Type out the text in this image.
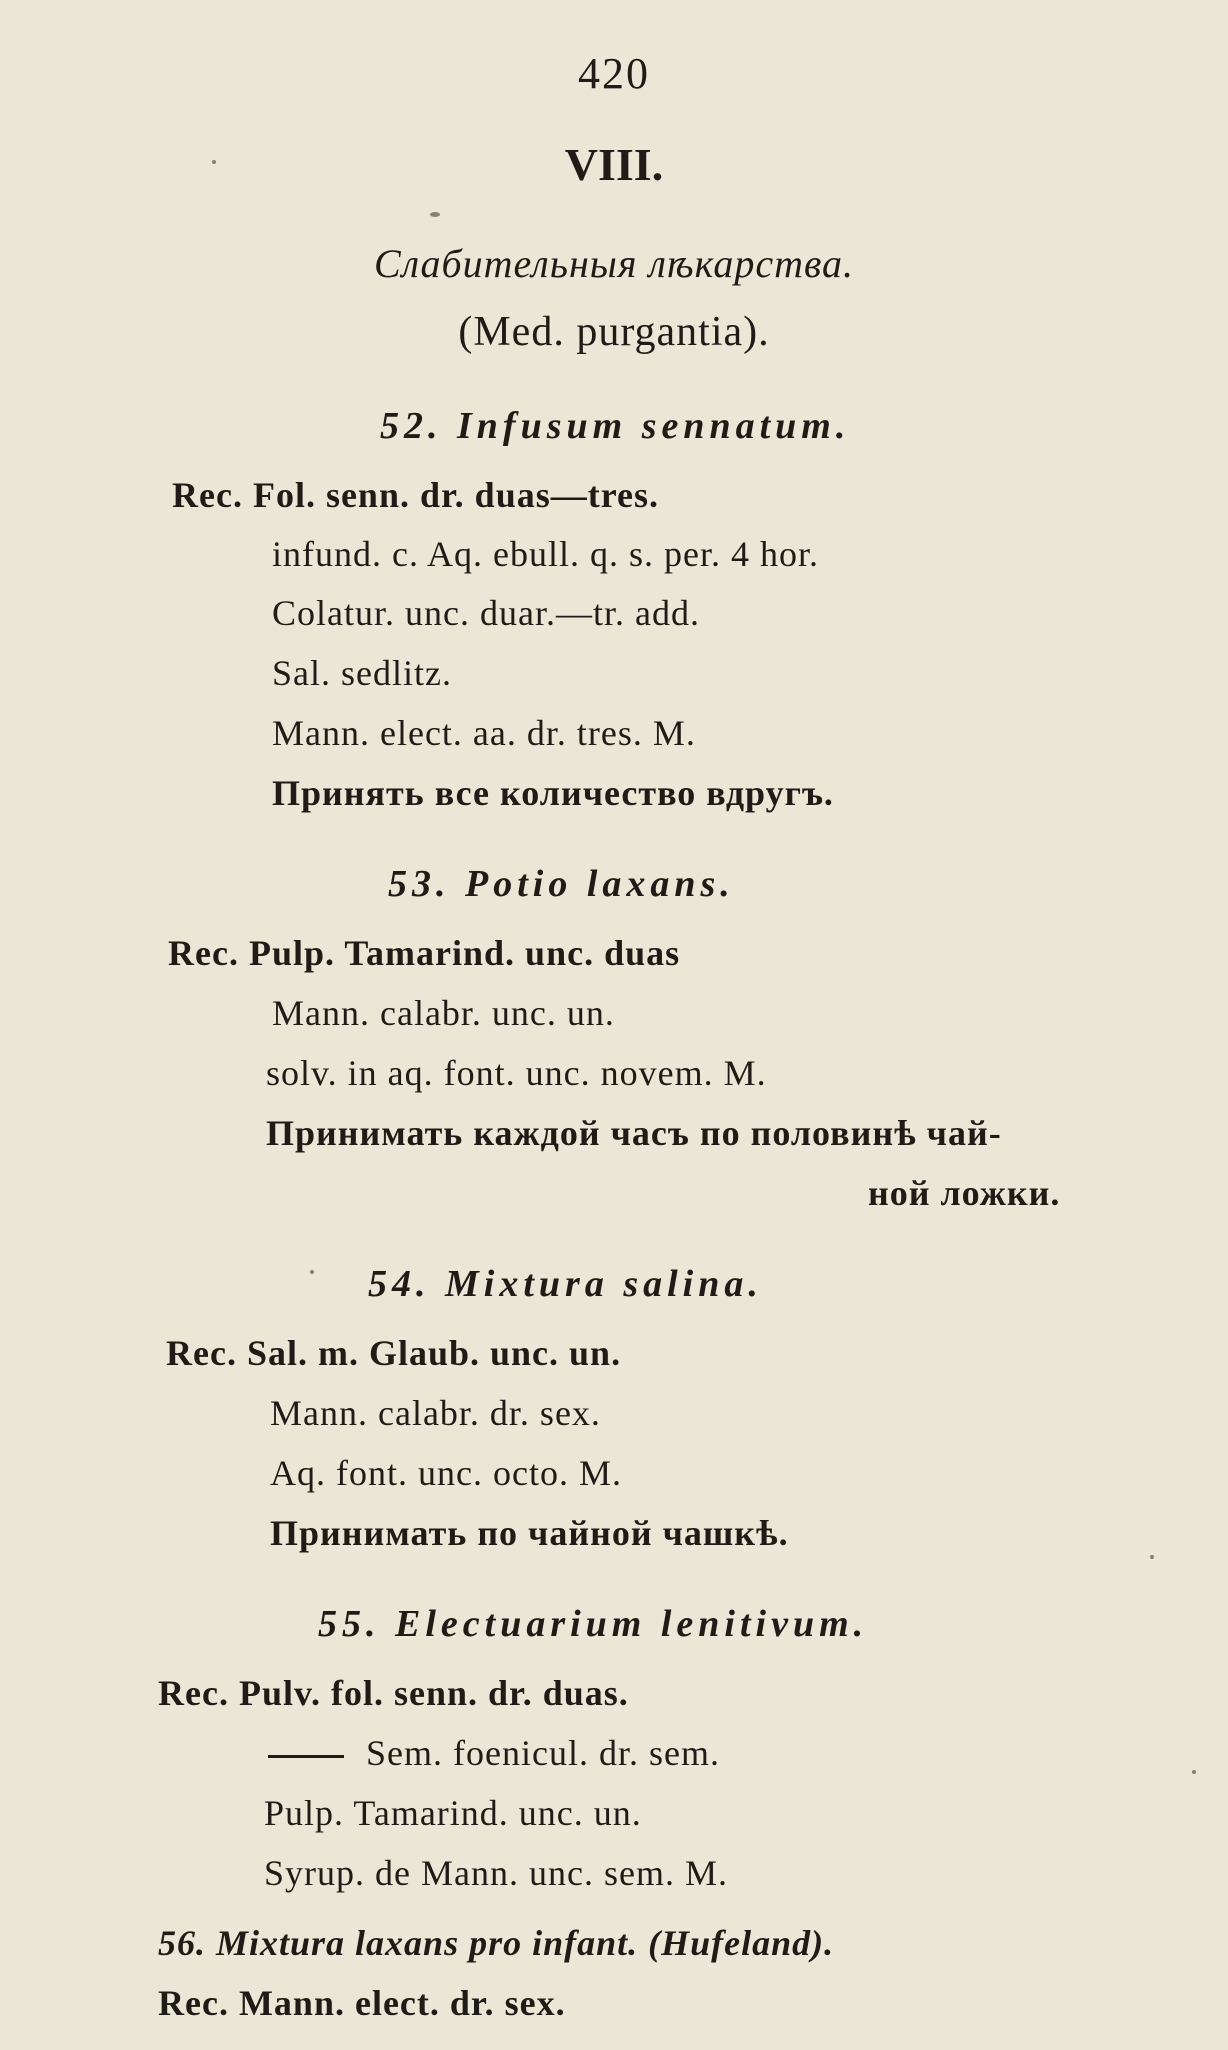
420
VIII.
Слабительныя лѣкарства.
(Med. purgantia).
52. Infusum sennatum.
Rec. Fol. senn. dr. duas—tres.
infund. c. Aq. ebull. q. s. per. 4 hor.
Colatur. unc. duar.—tr. add.
Sal. sedlitz.
Mann. elect. aa. dr. tres. M.
Принять все количество вдругъ.
53. Potio laxans.
Rec. Pulp. Tamarind. unc. duas
Mann. calabr. unc. un.
solv. in aq. font. unc. novem. M.
Принимать каждой часъ по половинѣ чай-
ной ложки.
54. Mixtura salina.
Rec. Sal. m. Glaub. unc. un.
Mann. calabr. dr. sex.
Aq. font. unc. octo. M.
Принимать по чайной чашкѣ.
55. Electuarium lenitivum.
Rec. Pulv. fol. senn. dr. duas.
Sem. foenicul. dr. sem.
Pulp. Tamarind. unc. un.
Syrup. de Mann. unc. sem. M.
56. Mixtura laxans pro infant. (Hufeland).
Rec. Mann. elect. dr. sex.
